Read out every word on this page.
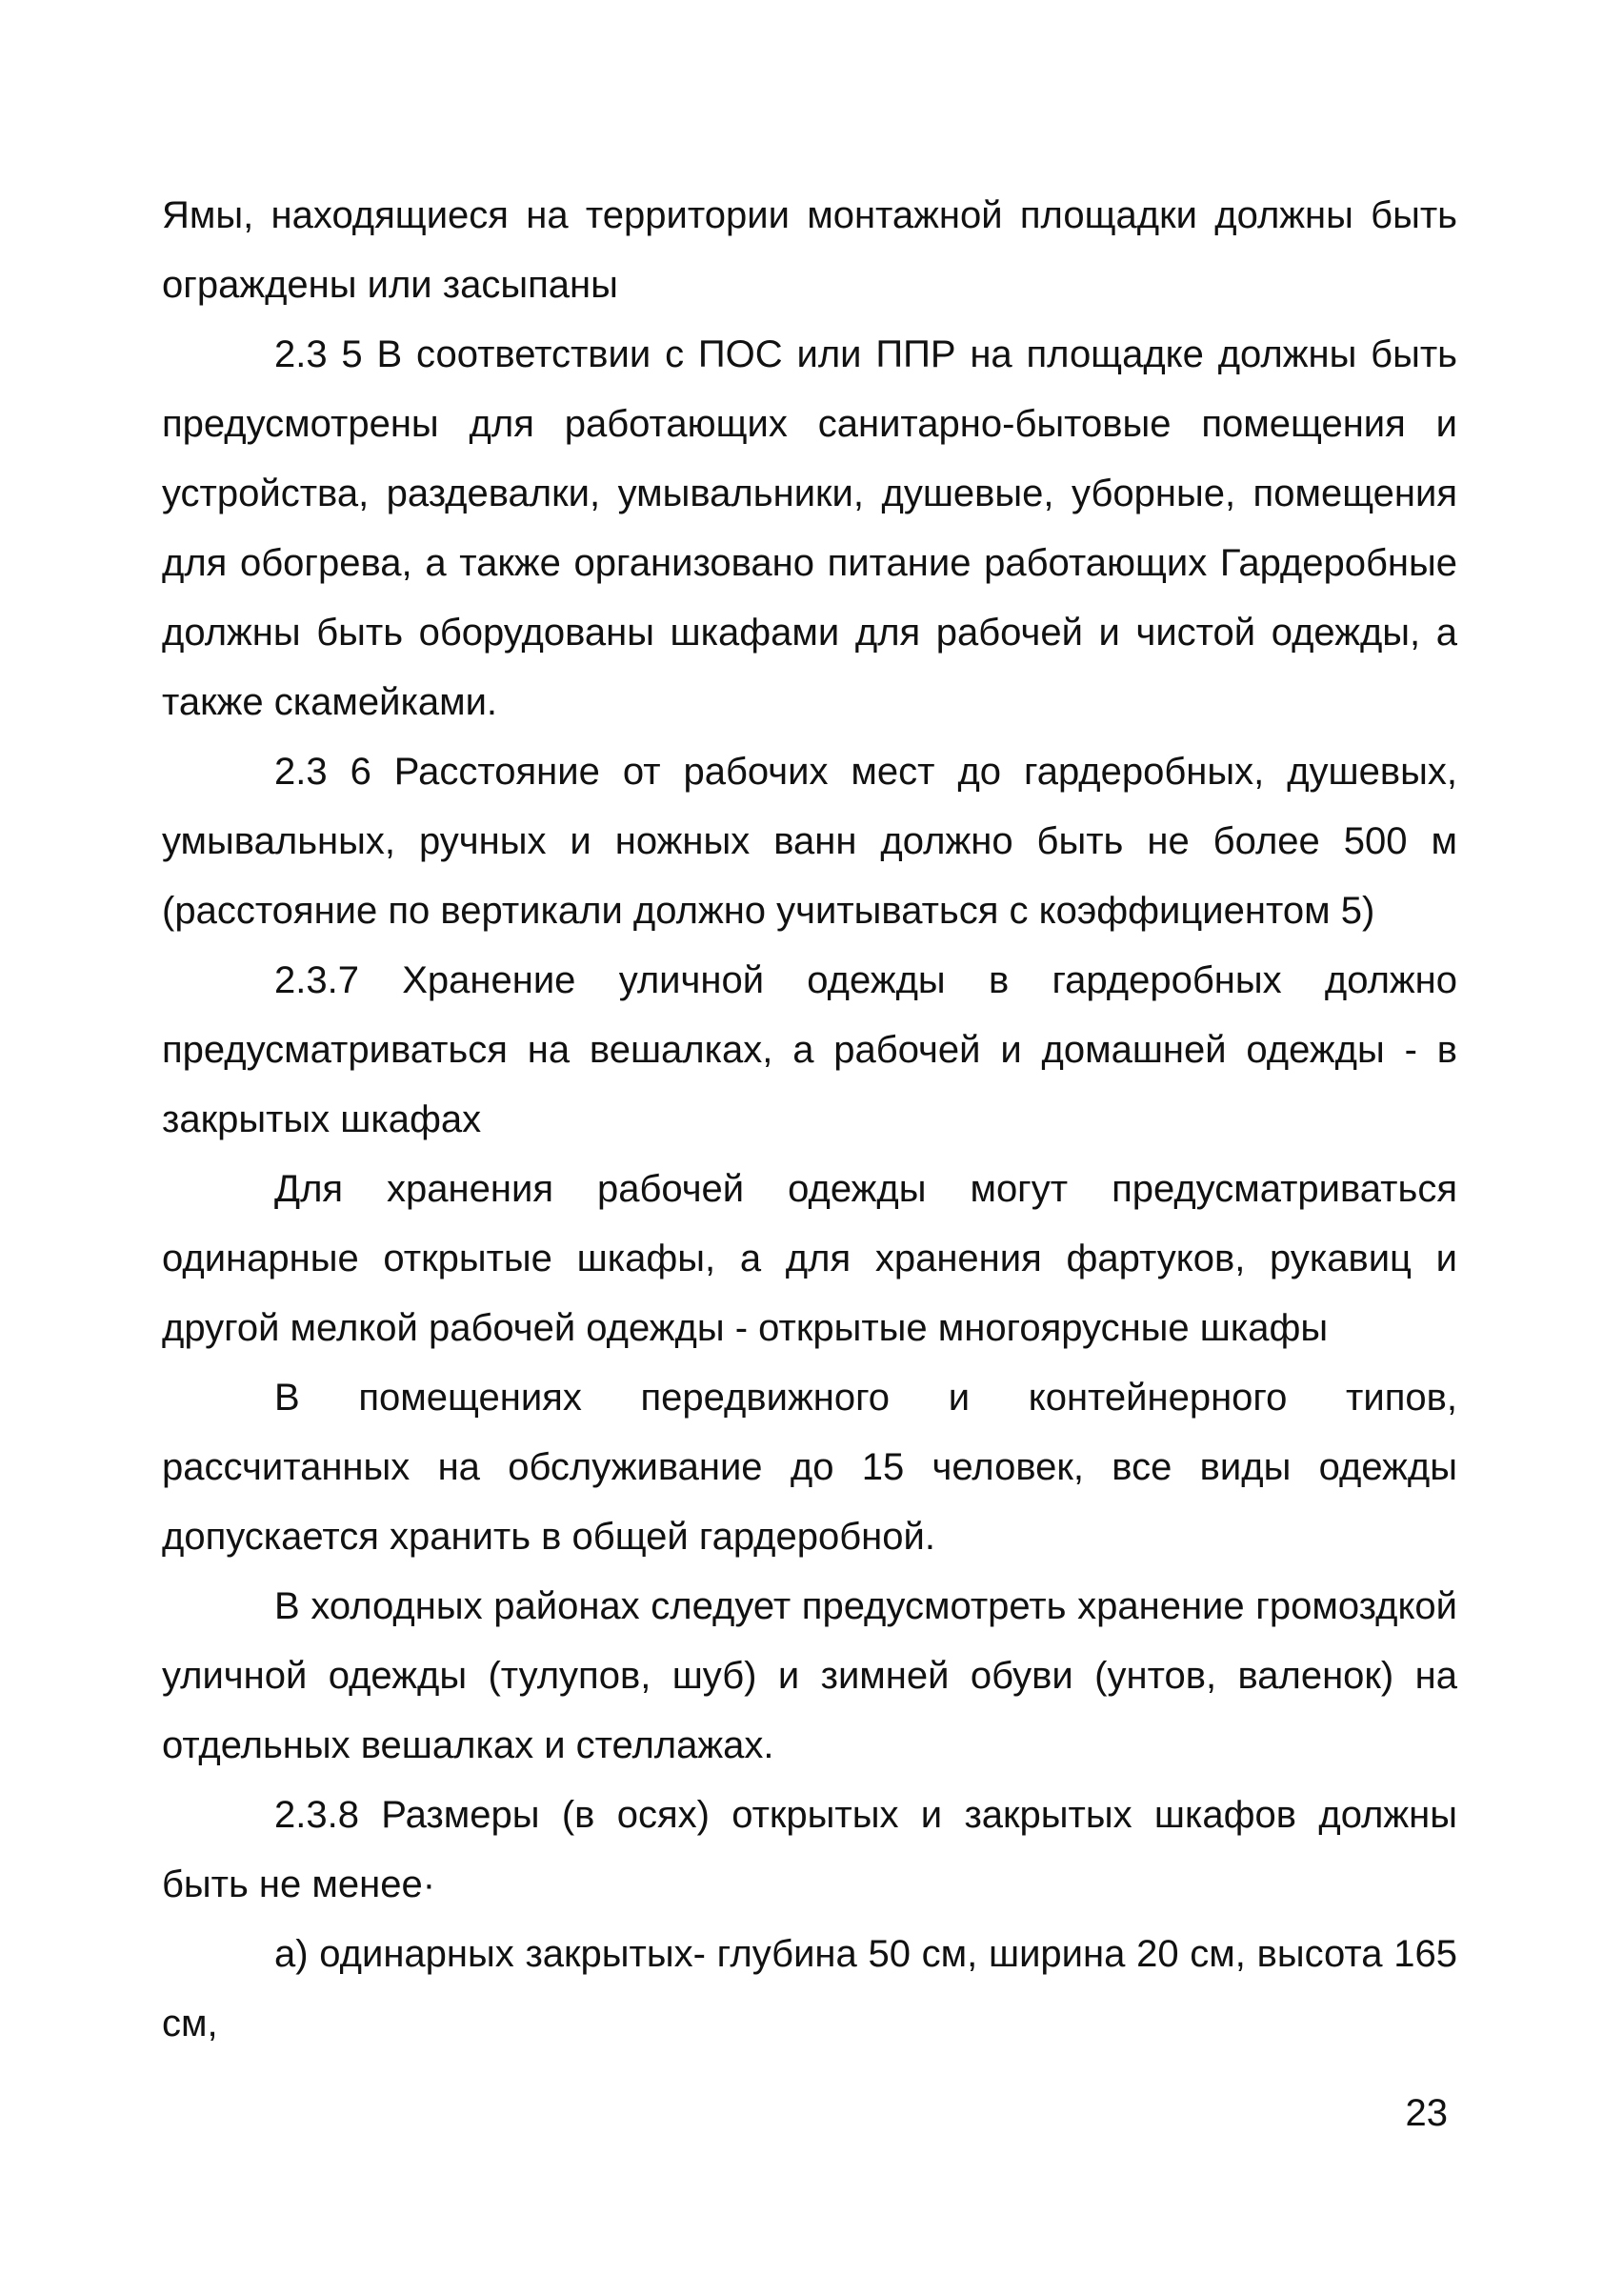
Ямы, находящиеся на территории монтажной площадки должны быть ограждены или засыпаны

2.3 5 В соответствии с ПОС или ППР на площадке должны быть предусмотрены для работающих санитарно-бытовые помещения и устройства, раздевалки, умывальники, душевые, уборные, помещения для обогрева, а также организовано питание работающих Гардеробные должны быть оборудованы шкафами для рабочей и чистой одежды, а также скамейками.

2.3 6 Расстояние от рабочих мест до гардеробных, душевых, умывальных, ручных и ножных ванн должно быть не более 500 м (расстояние по вертикали должно учитываться с коэффициентом 5)

2.3.7 Хранение уличной одежды в гардеробных должно предусматриваться на вешалках, а рабочей и домашней одежды - в закрытых шкафах

Для хранения рабочей одежды могут предусматриваться одинарные открытые шкафы, а для хранения фартуков, рукавиц и другой мелкой рабочей одежды - открытые многоярусные шкафы

В помещениях передвижного и контейнерного типов, рассчитанных на обслуживание до 15 человек, все виды одежды допускается хранить в общей гардеробной.

В холодных районах следует предусмотреть хранение громоздкой уличной одежды (тулупов, шуб) и зимней обуви (унтов, валенок) на отдельных вешалках и стеллажах.

2.3.8 Размеры (в осях) открытых и закрытых шкафов должны быть не менее·

а) одинарных закрытых- глубина 50 см, ширина 20 см, высота 165 см,

23
